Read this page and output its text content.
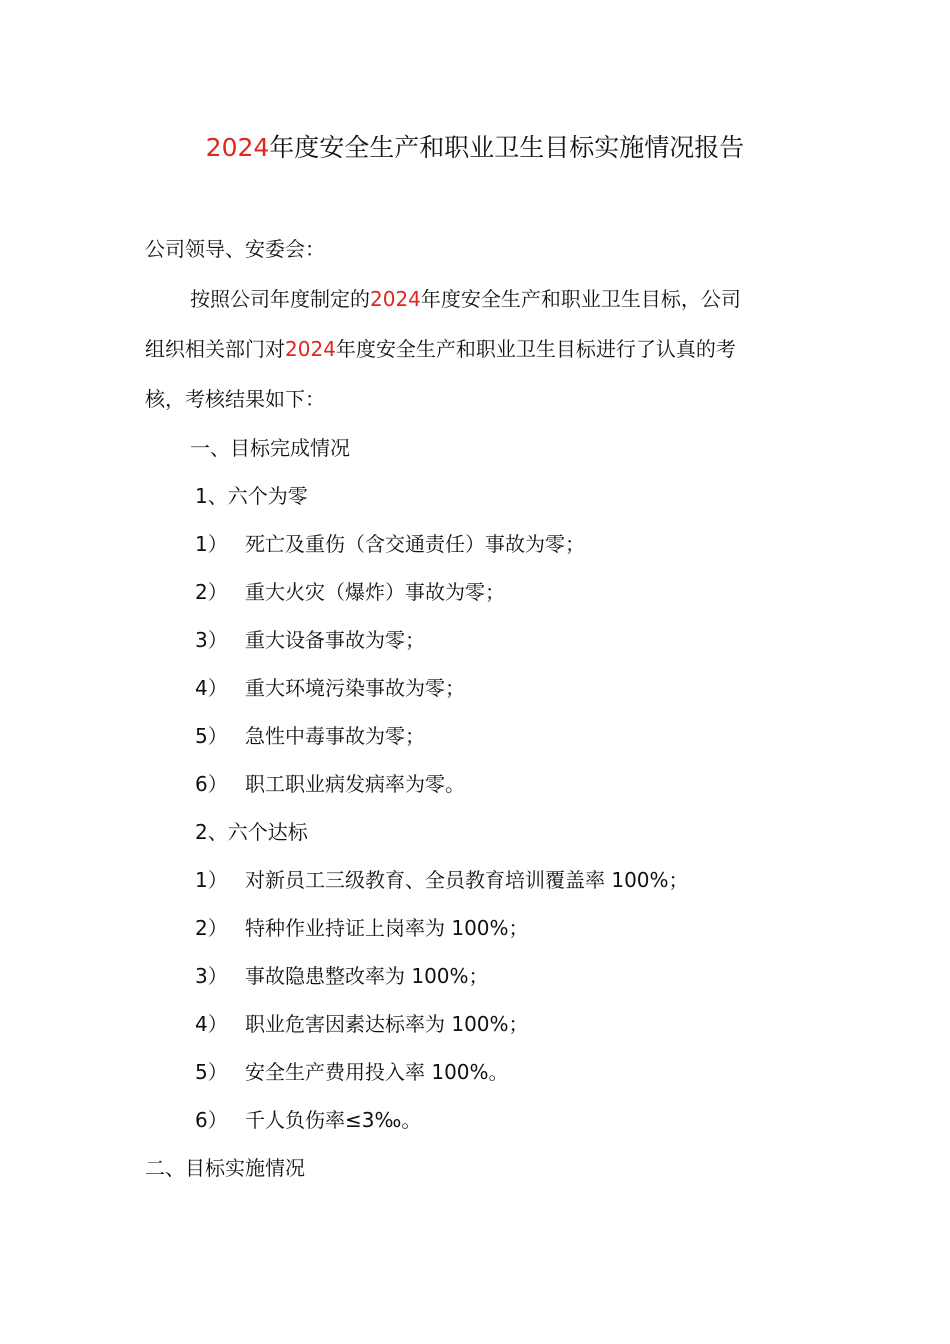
2024年度安全生产和职业卫生目标实施情况报告
公司领导、安委会：
按照公司年度制定的2024年度安全生产和职业卫生目标，公司
组织相关部门对2024年度安全生产和职业卫生目标进行了认真的考
核，考核结果如下：
一、目标完成情况
1、六个为零
1） 死亡及重伤（含交通责任）事故为零；
2） 重大火灾（爆炸）事故为零；
3） 重大设备事故为零；
4） 重大环境污染事故为零；
5） 急性中毒事故为零；
6） 职工职业病发病率为零。
2、六个达标
1） 对新员工三级教育、全员教育培训覆盖率 100%；
2） 特种作业持证上岗率为 100%；
3） 事故隐患整改率为 100%；
4） 职业危害因素达标率为 100%；
5） 安全生产费用投入率 100%。
6） 千人负伤率≤3‰。
二、目标实施情况
